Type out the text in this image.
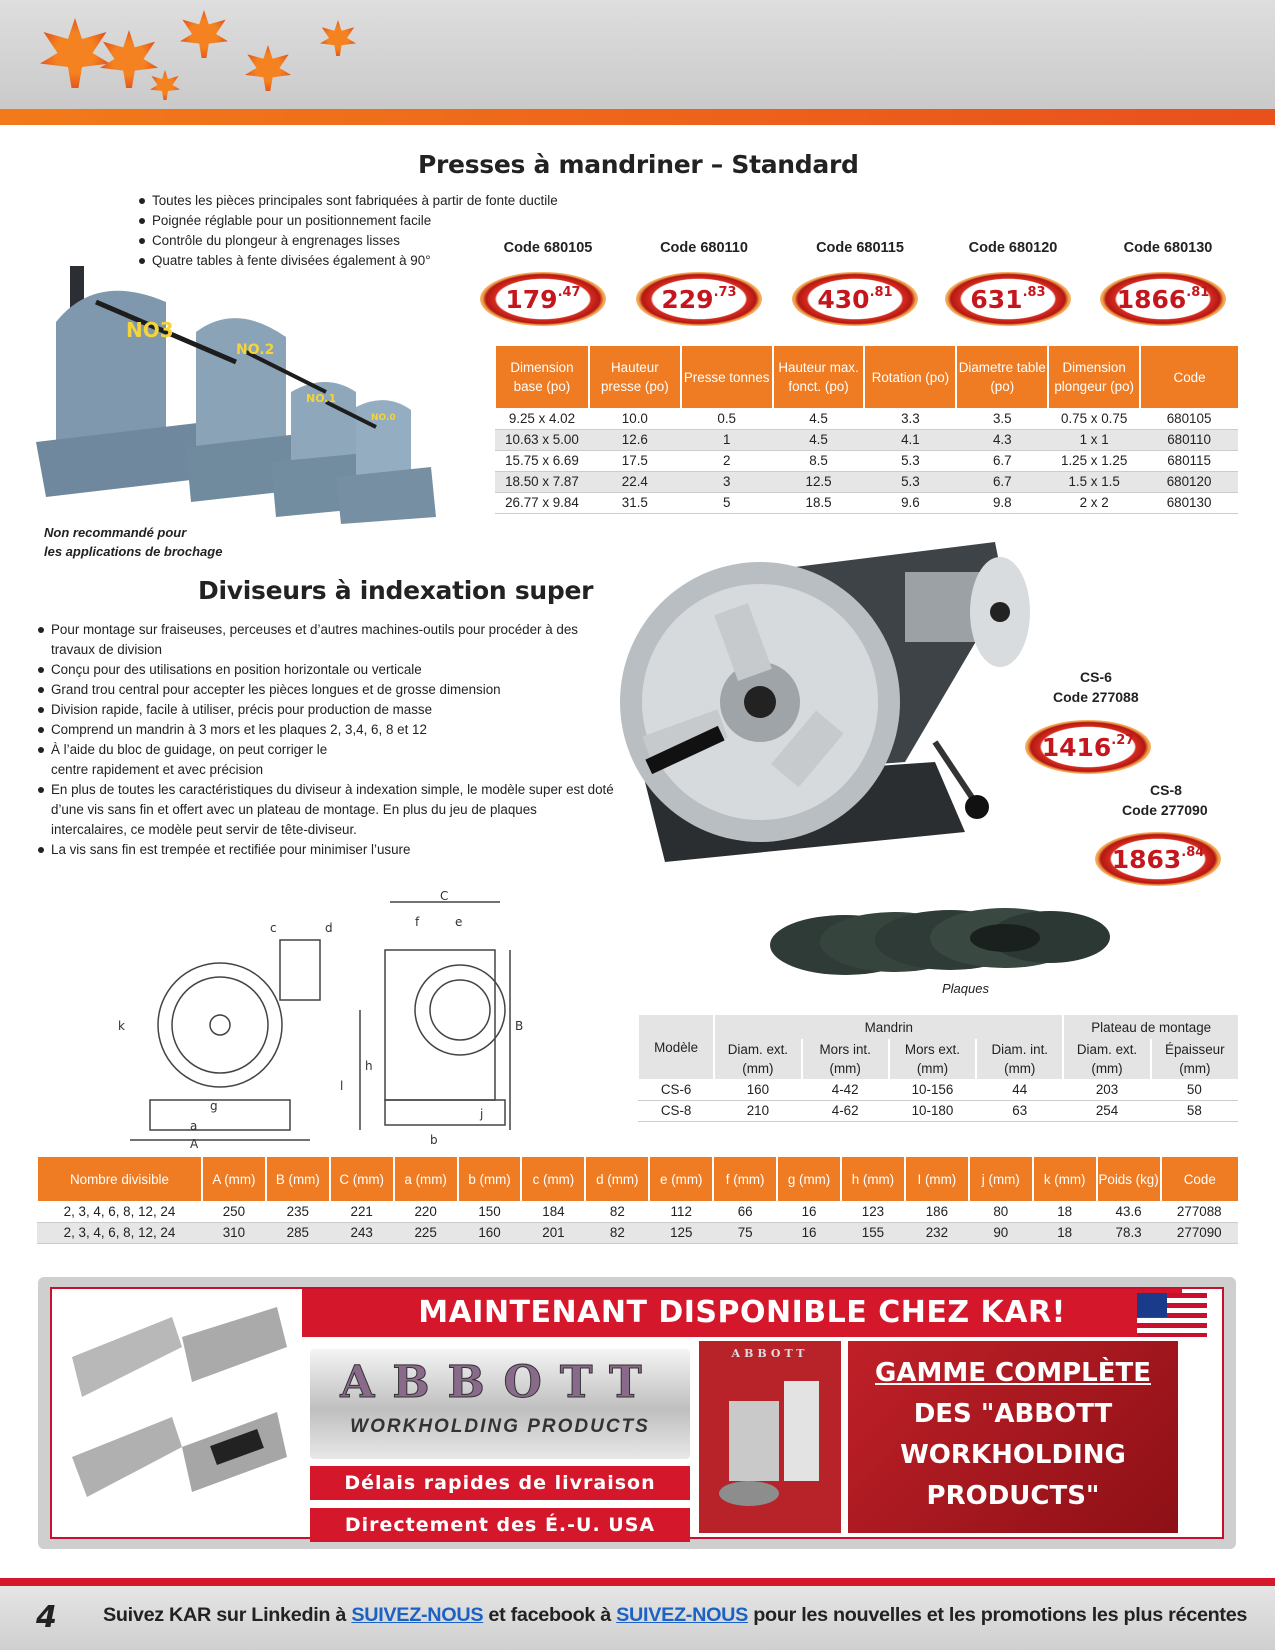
Presses à mandriner – Standard
Toutes les pièces principales sont fabriquées à partir de fonte ductile
Poignée réglable pour un positionnement facile
Contrôle du plongeur à engrenages lisses
Quatre tables à fente divisées également à 90°
NO3
NO.2
NO.1
NO.0
Non recommandé pour
les applications de brochage
Code 680105	Code 680110	Code 680115	Code 680120	Code 680130
179 .47	229 .73	430 .81	631 .83	1866 .81
Dimension base (po)	Hauteur presse (po)	Presse tonnes	Hauteur max. fonct. (po)	Rotation (po)	Diametre table (po)	Dimension plongeur (po)	Code
9.25 x 4.02	10.0	0.5	4.5	3.3	3.5	0.75 x 0.75	680105
10.63 x 5.00	12.6	1	4.5	4.1	4.3	1 x 1	680110
15.75 x 6.69	17.5	2	8.5	5.3	6.7	1.25 x 1.25	680115
18.50 x 7.87	22.4	3	12.5	5.3	6.7	1.5 x 1.5	680120
26.77 x 9.84	31.5	5	18.5	9.6	9.8	2 x 2	680130
Diviseurs à indexation super
Pour montage sur fraiseuses, perceuses et d’autres machines-outils pour procéder à des travaux de division
Conçu pour des utilisations en position horizontale ou verticale
Grand trou central pour accepter les pièces longues et de grosse dimension
Division rapide, facile à utiliser, précis pour production de masse
Comprend un mandrin à 3 mors et les plaques 2, 3,4, 6, 8 et 12
À l’aide du bloc de guidage, on peut corriger le centre rapidement et avec précision
En plus de toutes les caractéristiques du diviseur à indexation simple, le modèle super est doté d’une vis sans fin et offert avec un plateau de montage. En plus du jeu de plaques intercalaires, ce modèle peut servir de tête-diviseur.
La vis sans fin est trempée et rectifiée pour minimiser l’usure
CS-6
Code 277088
1416 .27
CS-8
Code 277090
1863 .84
Plaques
C
c	d	f	e
B
h
g
a
A	b
j
k
l
Modèle	Mandrin				Plateau de montage	
	Diam. ext. (mm)	Mors int. (mm)	Mors ext. (mm)	Diam. int. (mm)	Diam. ext. (mm)	Épaisseur (mm)
CS-6	160	4-42	10-156	44	203	50
CS-8	210	4-62	10-180	63	254	58
Nombre divisible	A (mm)	B (mm)	C (mm)	a (mm)	b (mm)	c (mm)	d (mm)	e (mm)	f (mm)	g (mm)	h (mm)	I (mm)	j (mm)	k (mm)	Poids (kg)	Code
2, 3, 4, 6, 8, 12, 24	250	235	221	220	150	184	82	112	66	16	123	186	80	18	43.6	277088
2, 3, 4, 6, 8, 12, 24	310	285	243	225	160	201	82	125	75	16	155	232	90	18	78.3	277090
MAINTENANT DISPONIBLE CHEZ KAR!
ABBOTT
WORKHOLDING PRODUCTS
Délais rapides de livraison
Directement des É.-U. USA
ABBOTT
GAMME COMPLÈTE
DES "ABBOTT
WORKHOLDING
PRODUCTS"
4 Suivez KAR sur Linkedin à SUIVEZ-NOUS et facebook à SUIVEZ-NOUS pour les nouvelles et les promotions les plus récentes
